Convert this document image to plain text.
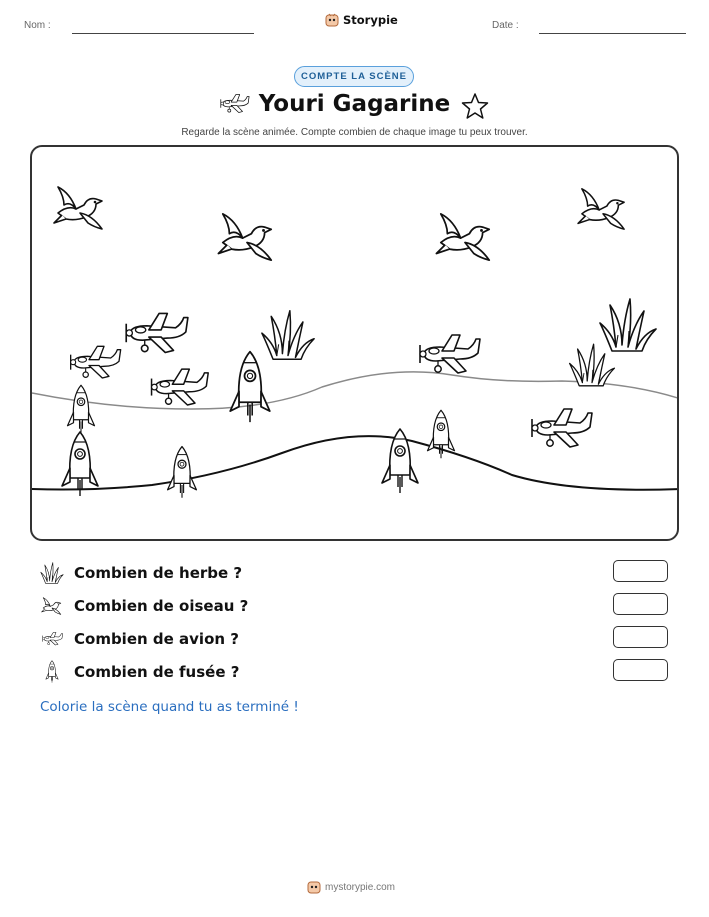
Nom :	Storypie	Date :
COMPTE LA SCÈNE
Youri Gagarine
Regarde la scène animée. Compte combien de chaque image tu peux trouver.
Combien de herbe ?
Combien de oiseau ?
Combien de avion ?
Combien de fusée ?
Colorie la scène quand tu as terminé !
mystorypie.com
